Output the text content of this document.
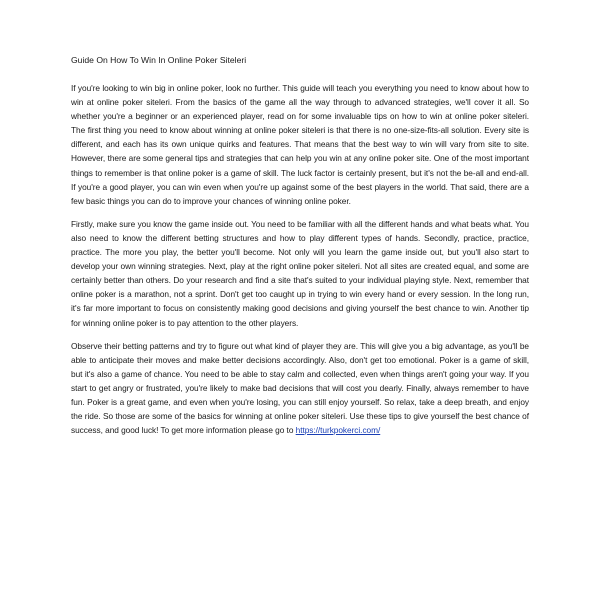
Guide On How To Win In Online Poker Siteleri

If you're looking to win big in online poker, look no further. This guide will teach you everything you need to know about how to win at online poker siteleri. From the basics of the game all the way through to advanced strategies, we'll cover it all. So whether you're a beginner or an experienced player, read on for some invaluable tips on how to win at online poker siteleri. The first thing you need to know about winning at online poker siteleri is that there is no one-size-fits-all solution. Every site is different, and each has its own unique quirks and features. That means that the best way to win will vary from site to site. However, there are some general tips and strategies that can help you win at any online poker site. One of the most important things to remember is that online poker is a game of skill. The luck factor is certainly present, but it's not the be-all and end-all. If you're a good player, you can win even when you're up against some of the best players in the world. That said, there are a few basic things you can do to improve your chances of winning online poker.

Firstly, make sure you know the game inside out. You need to be familiar with all the different hands and what beats what. You also need to know the different betting structures and how to play different types of hands. Secondly, practice, practice, practice. The more you play, the better you'll become. Not only will you learn the game inside out, but you'll also start to develop your own winning strategies. Next, play at the right online poker siteleri. Not all sites are created equal, and some are certainly better than others. Do your research and find a site that's suited to your individual playing style. Next, remember that online poker is a marathon, not a sprint. Don't get too caught up in trying to win every hand or every session. In the long run, it's far more important to focus on consistently making good decisions and giving yourself the best chance to win. Another tip for winning online poker is to pay attention to the other players.

Observe their betting patterns and try to figure out what kind of player they are. This will give you a big advantage, as you'll be able to anticipate their moves and make better decisions accordingly. Also, don't get too emotional. Poker is a game of skill, but it's also a game of chance. You need to be able to stay calm and collected, even when things aren't going your way. If you start to get angry or frustrated, you're likely to make bad decisions that will cost you dearly. Finally, always remember to have fun. Poker is a great game, and even when you're losing, you can still enjoy yourself. So relax, take a deep breath, and enjoy the ride. So those are some of the basics for winning at online poker siteleri. Use these tips to give yourself the best chance of success, and good luck! To get more information please go to https://turkpokerci.com/
